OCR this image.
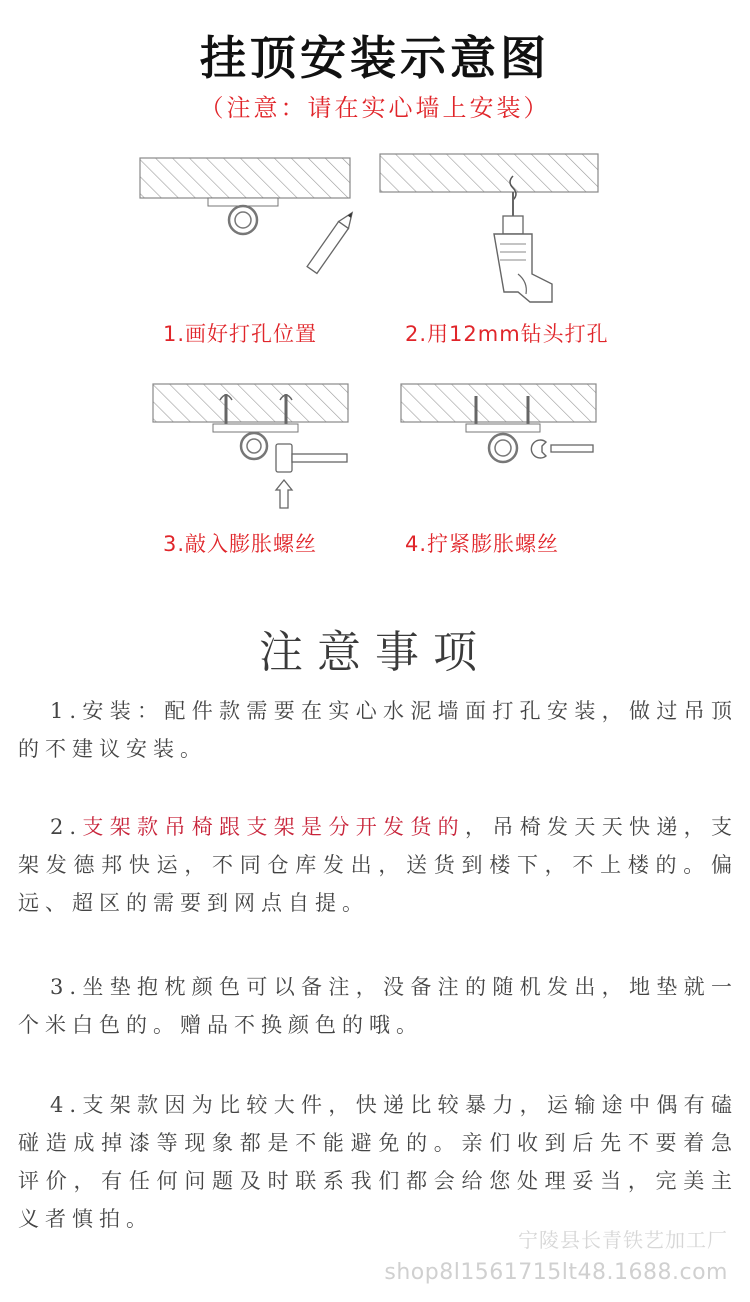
挂顶安装示意图
（注意：请在实心墙上安装）
1.画好打孔位置	2.用12mm钻头打孔
3.敲入膨胀螺丝	4.拧紧膨胀螺丝
注意事项
1.安装：配件款需要在实心水泥墙面打孔安装，做过吊顶的不建议安装。
2.支架款吊椅跟支架是分开发货的，吊椅发天天快递，支架发德邦快运，不同仓库发出，送货到楼下，不上楼的。偏远、超区的需要到网点自提。
3.坐垫抱枕颜色可以备注，没备注的随机发出，地垫就一个米白色的。赠品不换颜色的哦。
4.支架款因为比较大件，快递比较暴力，运输途中偶有磕碰造成掉漆等现象都是不能避免的。亲们收到后先不要着急评价，有任何问题及时联系我们都会给您处理妥当，完美主义者慎拍。
宁陵县长青铁艺加工厂
shop8l1561715lt48.1688.com
